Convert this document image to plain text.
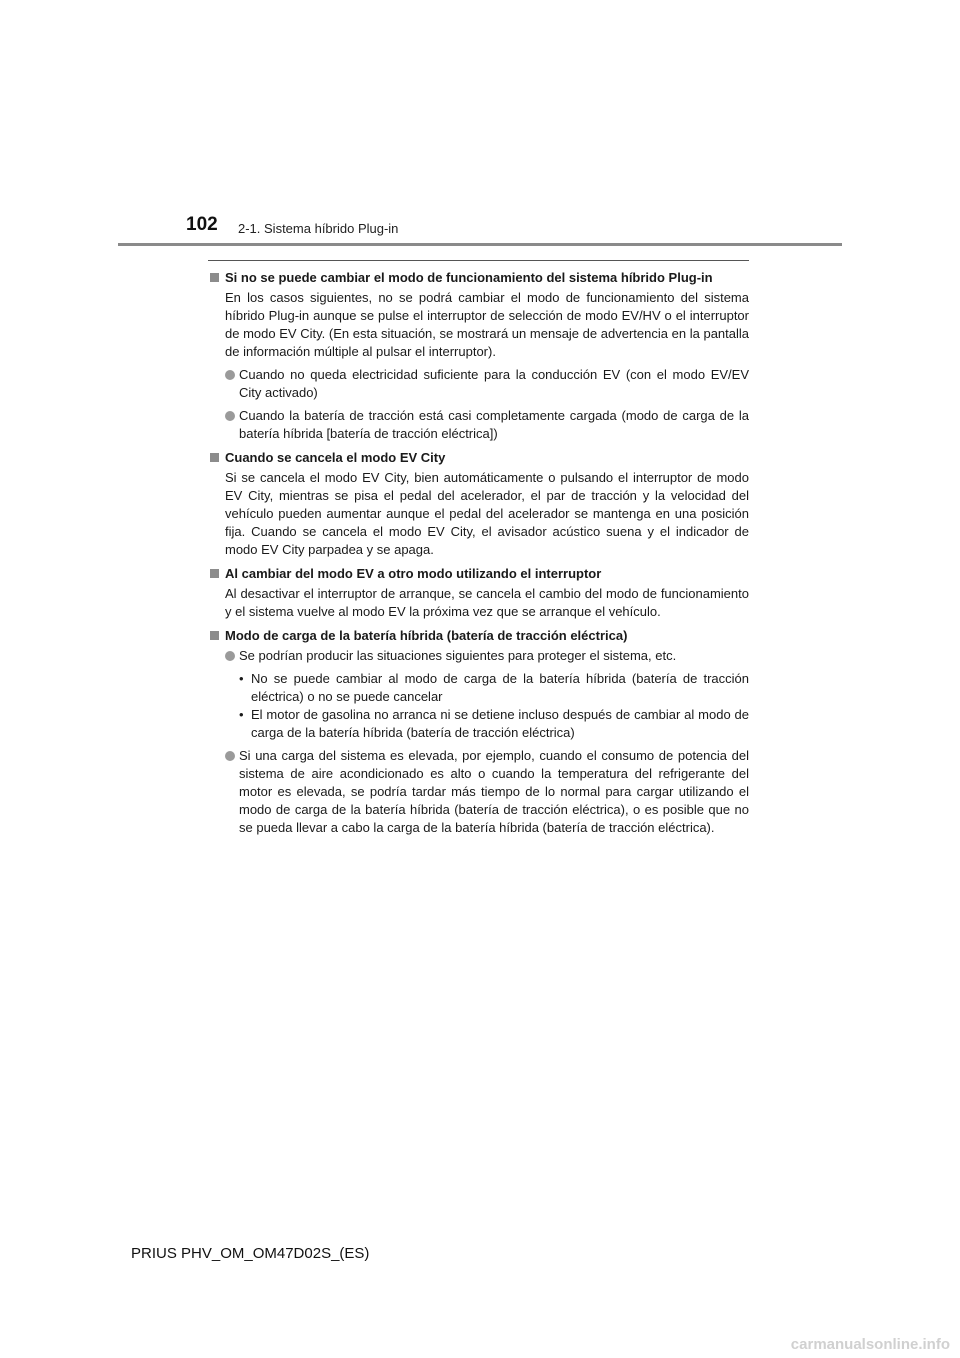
102 2-1. Sistema híbrido Plug-in
Si no se puede cambiar el modo de funcionamiento del sistema híbrido Plug-in
En los casos siguientes, no se podrá cambiar el modo de funcionamiento del sistema híbrido Plug-in aunque se pulse el interruptor de selección de modo EV/HV o el interruptor de modo EV City. (En esta situación, se mostrará un mensaje de advertencia en la pantalla de información múltiple al pulsar el interruptor).
Cuando no queda electricidad suficiente para la conducción EV (con el modo EV/EV City activado)
Cuando la batería de tracción está casi completamente cargada (modo de carga de la batería híbrida [batería de tracción eléctrica])
Cuando se cancela el modo EV City
Si se cancela el modo EV City, bien automáticamente o pulsando el interruptor de modo EV City, mientras se pisa el pedal del acelerador, el par de tracción y la velocidad del vehículo pueden aumentar aunque el pedal del acelerador se mantenga en una posición fija. Cuando se cancela el modo EV City, el avisador acústico suena y el indicador de modo EV City parpadea y se apaga.
Al cambiar del modo EV a otro modo utilizando el interruptor
Al desactivar el interruptor de arranque, se cancela el cambio del modo de funcionamiento y el sistema vuelve al modo EV la próxima vez que se arranque el vehículo.
Modo de carga de la batería híbrida (batería de tracción eléctrica)
Se podrían producir las situaciones siguientes para proteger el sistema, etc.
• No se puede cambiar al modo de carga de la batería híbrida (batería de tracción eléctrica) o no se puede cancelar
• El motor de gasolina no arranca ni se detiene incluso después de cambiar al modo de carga de la batería híbrida (batería de tracción eléctrica)
Si una carga del sistema es elevada, por ejemplo, cuando el consumo de potencia del sistema de aire acondicionado es alto o cuando la temperatura del refrigerante del motor es elevada, se podría tardar más tiempo de lo normal para cargar utilizando el modo de carga de la batería híbrida (batería de tracción eléctrica), o es posible que no se pueda llevar a cabo la carga de la batería híbrida (batería de tracción eléctrica).
PRIUS PHV_OM_OM47D02S_(ES)
carmanualsonline.info
